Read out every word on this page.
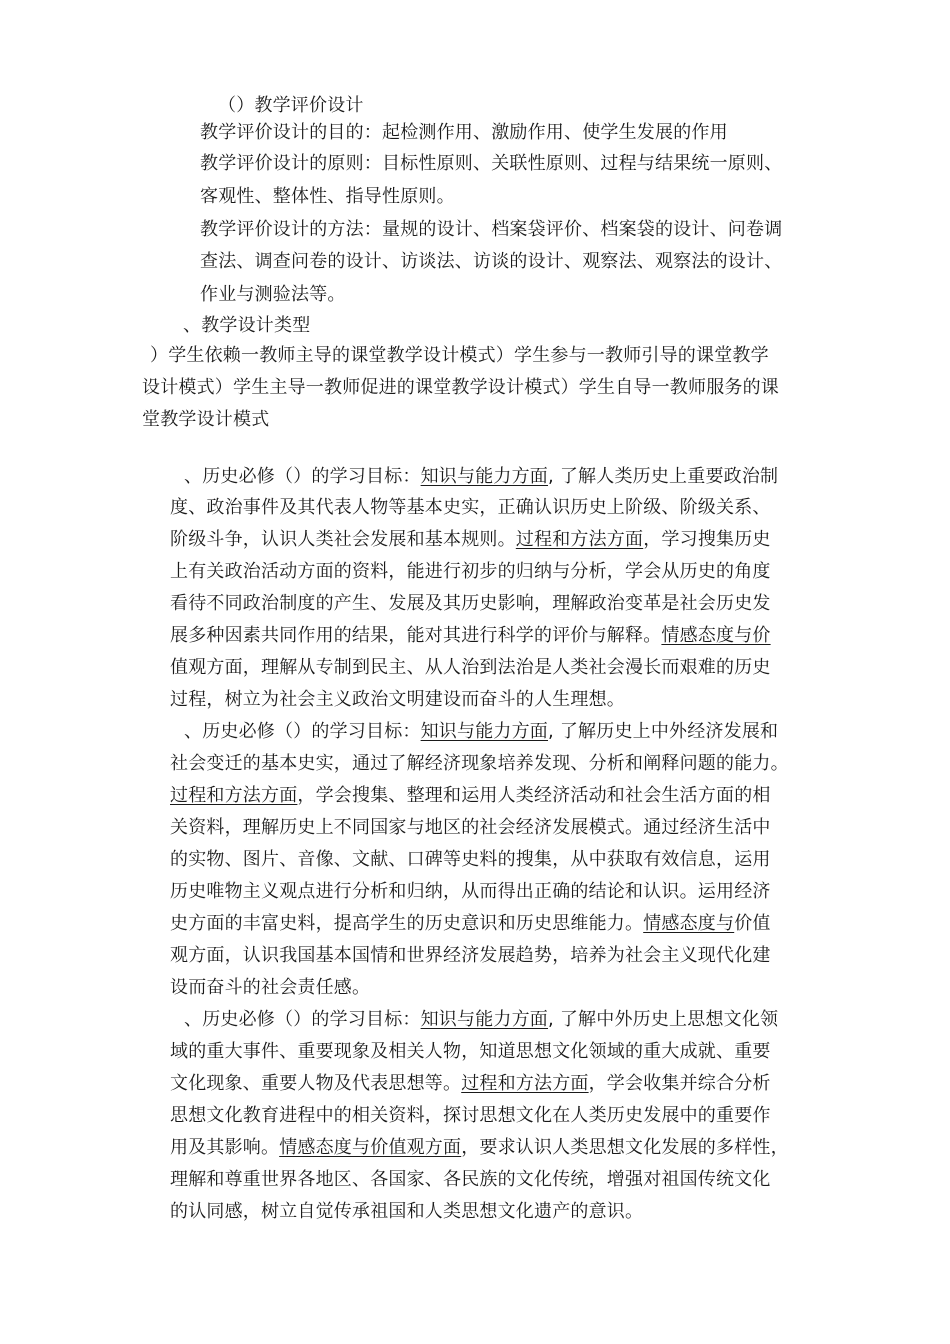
（）教学评价设计
教学评价设计的目的：起检测作用、激励作用、使学生发展的作用
教学评价设计的原则：目标性原则、关联性原则、过程与结果统一原则、
客观性、整体性、指导性原则。
教学评价设计的方法：量规的设计、档案袋评价、档案袋的设计、问卷调
查法、调查问卷的设计、访谈法、访谈的设计、观察法、观察法的设计、
作业与测验法等。
、教学设计类型
）学生依赖一教师主导的课堂教学设计模式）学生参与一教师引导的课堂教学
设计模式）学生主导一教师促进的课堂教学设计模式）学生自导一教师服务的课
堂教学设计模式
、历史必修（）的学习目标：知识与能力方面, 了解人类历史上重要政治制
度、政治事件及其代表人物等基本史实，正确认识历史上阶级、阶级关系、
阶级斗争，认识人类社会发展和基本规则。过程和方法方面，学习搜集历史
上有关政治活动方面的资料，能进行初步的归纳与分析，学会从历史的角度
看待不同政治制度的产生、发展及其历史影响，理解政治变革是社会历史发
展多种因素共同作用的结果，能对其进行科学的评价与解释。情感态度与价
值观方面，理解从专制到民主、从人治到法治是人类社会漫长而艰难的历史
过程，树立为社会主义政治文明建设而奋斗的人生理想。
、历史必修（）的学习目标：知识与能力方面, 了解历史上中外经济发展和
社会变迁的基本史实，通过了解经济现象培养发现、分析和阐释问题的能力。
过程和方法方面，学会搜集、整理和运用人类经济活动和社会生活方面的相
关资料，理解历史上不同国家与地区的社会经济发展模式。通过经济生活中
的实物、图片、音像、文献、口碑等史料的搜集，从中获取有效信息，运用
历史唯物主义观点进行分析和归纳，从而得出正确的结论和认识。运用经济
史方面的丰富史料，提高学生的历史意识和历史思维能力。情感态度与价值
观方面，认识我国基本国情和世界经济发展趋势，培养为社会主义现代化建
设而奋斗的社会责任感。
、历史必修（）的学习目标：知识与能力方面, 了解中外历史上思想文化领
域的重大事件、重要现象及相关人物，知道思想文化领域的重大成就、重要
文化现象、重要人物及代表思想等。过程和方法方面，学会收集并综合分析
思想文化教育进程中的相关资料，探讨思想文化在人类历史发展中的重要作
用及其影响。情感态度与价值观方面，要求认识人类思想文化发展的多样性，
理解和尊重世界各地区、各国家、各民族的文化传统，增强对祖国传统文化
的认同感，树立自觉传承祖国和人类思想文化遗产的意识。
